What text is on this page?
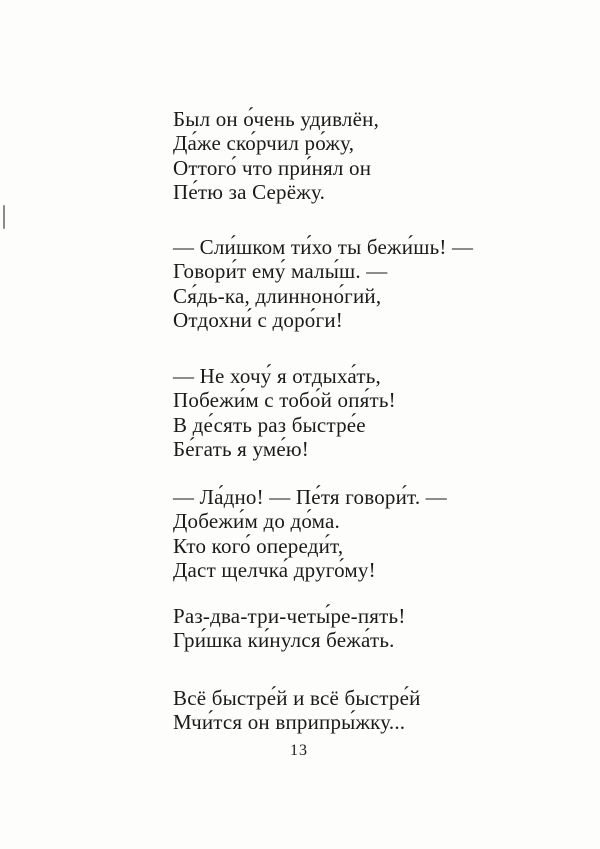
Был он о́чень удивлён,
Да́же ско́рчил ро́жу,
Оттого́ что при́нял он
Пе́тю за Серёжу.
— Сли́шком ти́хо ты бежи́шь! —
Говори́т ему́ малы́ш. —
Ся́дь-ка, длинноно́гий,
Отдохни́ с доро́ги!
— Не хочу́ я отдыха́ть,
Побежи́м с тобо́й опя́ть!
В де́сять раз быстре́е
Бе́гать я уме́ю!
— Ла́дно! — Пе́тя говори́т. —
Добежи́м до до́ма.
Кто кого́ опереди́т,
Даст щелчка́ друго́му!
Раз-два-три-четы́ре-пять!
Гри́шка ки́нулся бежа́ть.
Всё быстре́й и всё быстре́й
Мчи́тся он вприпры́жку...
13
